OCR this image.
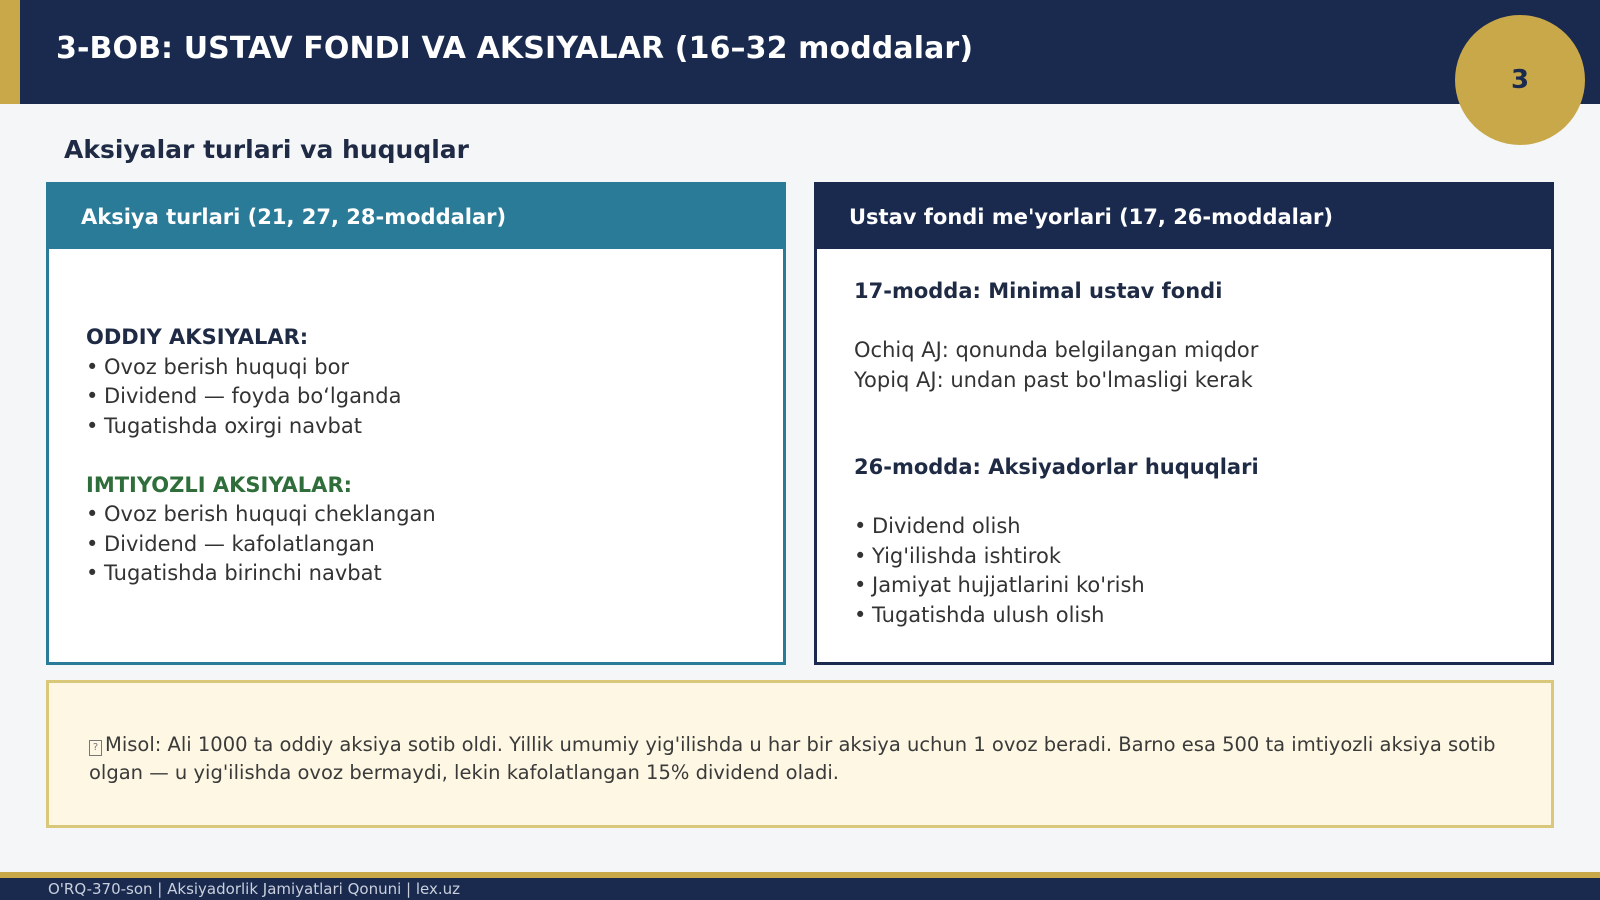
3-BOB: USTAV FONDI VA AKSIYALAR (16–32 moddalar)
3
Aksiyalar turlari va huquqlar
Aksiya turlari (21, 27, 28-moddalar)
ODDIY AKSIYALAR:
• Ovoz berish huquqi bor
• Dividend — foyda bo‘lganda
• Tugatishda oxirgi navbat
IMTIYOZLI AKSIYALAR:
• Ovoz berish huquqi cheklangan
• Dividend — kafolatlangan
• Tugatishda birinchi navbat
Ustav fondi me'yorlari (17, 26-moddalar)
17-modda: Minimal ustav fondi
Ochiq AJ: qonunda belgilangan miqdor
Yopiq AJ: undan past bo'lmasligi kerak
26-modda: Aksiyadorlar huquqlari
• Dividend olish
• Yig'ilishda ishtirok
• Jamiyat hujjatlarini ko'rish
• Tugatishda ulush olish
? Misol: Ali 1000 ta oddiy aksiya sotib oldi. Yillik umumiy yig'ilishda u har bir aksiya uchun 1 ovoz beradi. Barno esa 500 ta imtiyozli aksiya sotib olgan — u yig'ilishda ovoz bermaydi, lekin kafolatlangan 15% dividend oladi.
O'RQ-370-son | Aksiyadorlik Jamiyatlari Qonuni | lex.uz
